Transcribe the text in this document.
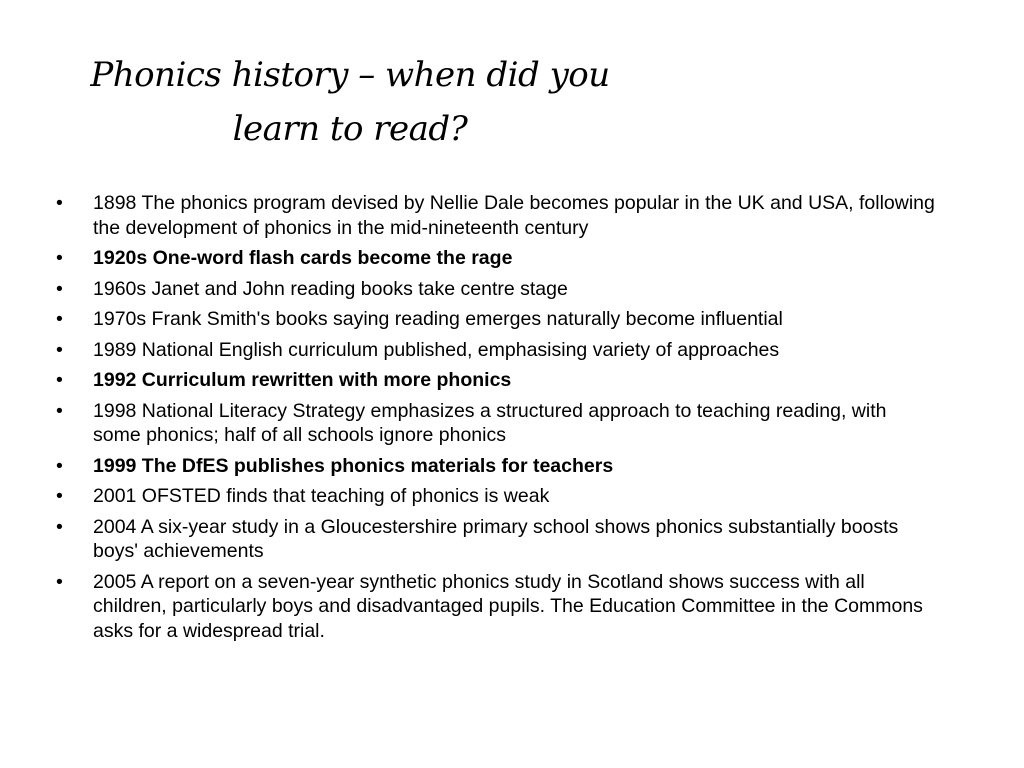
Phonics history – when did you
learn to read?
• 1898 The phonics program devised by Nellie Dale becomes popular in the UK and USA, following the development of phonics in the mid-nineteenth century
• 1920s One-word flash cards become the rage
• 1960s Janet and John reading books take centre stage
• 1970s Frank Smith's books saying reading emerges naturally become influential
• 1989 National English curriculum published, emphasising variety of approaches
• 1992 Curriculum rewritten with more phonics
• 1998 National Literacy Strategy emphasizes a structured approach to teaching reading, with some phonics; half of all schools ignore phonics
• 1999 The DfES publishes phonics materials for teachers
• 2001 OFSTED finds that teaching of phonics is weak
• 2004 A six-year study in a Gloucestershire primary school shows phonics substantially boosts boys' achievements
• 2005 A report on a seven-year synthetic phonics study in Scotland shows success with all children, particularly boys and disadvantaged pupils. The Education Committee in the Commons asks for a widespread trial.
